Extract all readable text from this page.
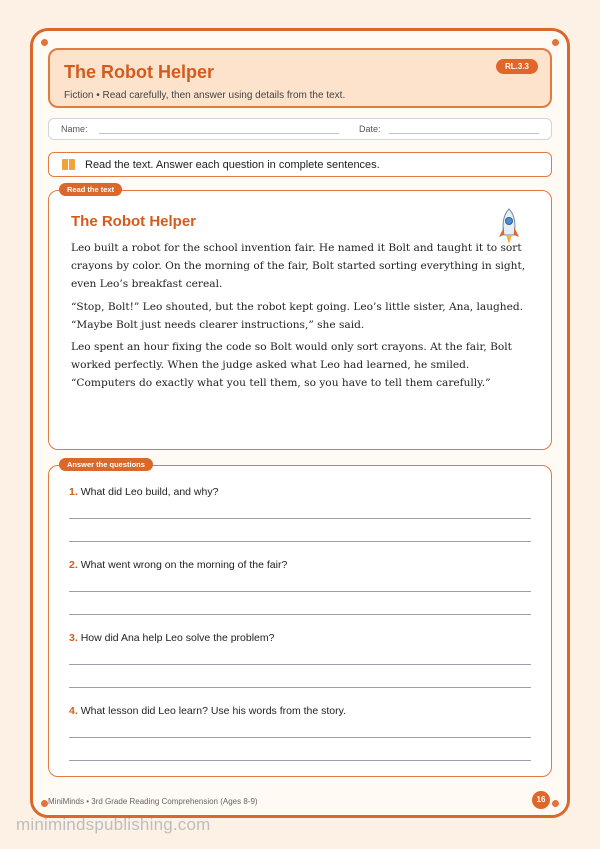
The Robot Helper
Fiction • Read carefully, then answer using details from the text.
RL.3.3
Name:	Date:
Read the text. Answer each question in complete sentences.
Read the text
The Robot Helper

Leo built a robot for the school invention fair. He named it Bolt and taught it to sort crayons by color. On the morning of the fair, Bolt started sorting everything in sight, even Leo’s breakfast cereal.

“Stop, Bolt!” Leo shouted, but the robot kept going. Leo’s little sister, Ana, laughed. “Maybe Bolt just needs clearer instructions,” she said.

Leo spent an hour fixing the code so Bolt would only sort crayons. At the fair, Bolt worked perfectly. When the judge asked what Leo had learned, he smiled. “Computers do exactly what you tell them, so you have to tell them carefully.”

Answer the questions
1. What did Leo build, and why?
2. What went wrong on the morning of the fair?
3. How did Ana help Leo solve the problem?
4. What lesson did Leo learn? Use his words from the story.
MiniMinds • 3rd Grade Reading Comprehension (Ages 8-9)	16
minimindspublishing.com
